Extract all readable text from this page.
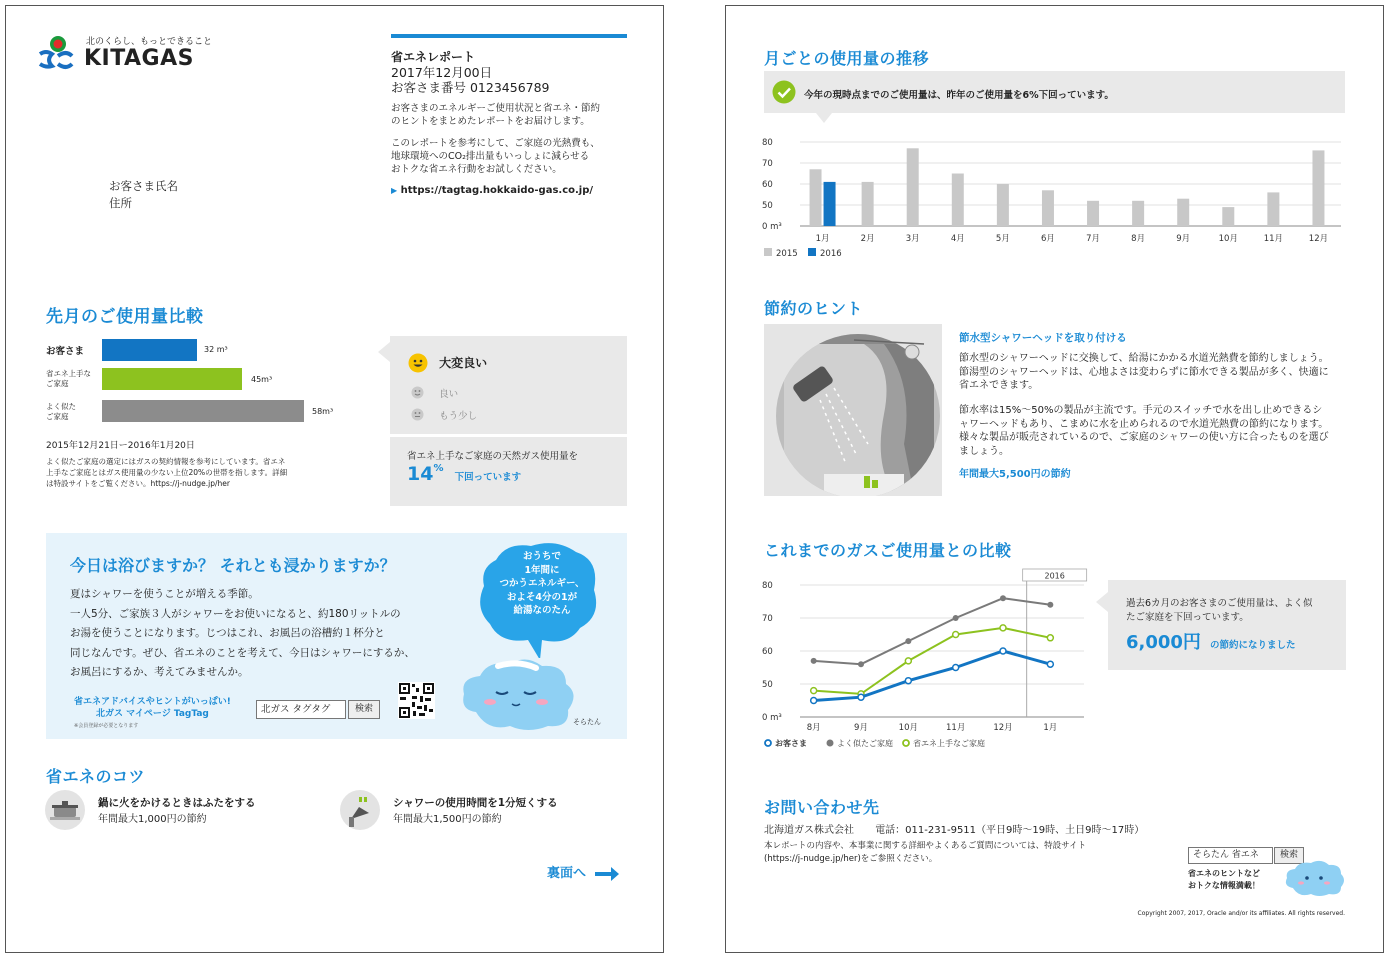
北のくらし、もっとできること
KITAGAS	省エネレポート
2017年12月00日
お客さま番号 0123456789
お客さまのエネルギーご使用状況と省エネ・節約
のヒントをまとめたレポートをお届けします。
このレポートを参考にして、ご家庭の光熱費も、
地球環境へのCO₂排出量もいっしょに減らせる
おトクな省エネ行動をお試しください。
▶ https://tagtag.hokkaido-gas.co.jp/
お客さま氏名
住所
先月のご使用量比較
お客さま	32 m³
省エネ上手な
ご家庭	45m³
よく似た
ご家庭
58m³
2015年12月21日ー2016年1月20日
よく似たご家庭の選定にはガスの契約情報を参考にしています。省エネ
上手なご家庭とはガス使用量の少ない上位20%の世帯を指します。詳細
は特設サイトをご覧ください。https://j-nudge.jp/her
大変良い
良い
もう少し
省エネ上手なご家庭の天然ガス使用量を
14% 下回っています
今日は浴びますか？ それとも浸かりますか？
夏はシャワーを使うことが増える季節。
一人5分、ご家族３人がシャワーをお使いになると、約180リットルの
お湯を使うことになります。じつはこれ、お風呂の浴槽約１杯分と
同じなんです。ぜひ、省エネのことを考えて、今日はシャワーにするか、
お風呂にするか、考えてみませんか。
省エネアドバイスやヒントがいっぱい!
北ガス マイページ TagTag
※会員登録が必要となります
北ガス タグタグ	検索
おうちで
1年間に
つかうエネルギー、
およそ4分の1が
給湯なのたん
そらたん
省エネのコツ
鍋に火をかけるときはふたをする
年間最大1,000円の節約
シャワーの使用時間を1分短くする
年間最大1,500円の節約
裏面へ
月ごとの使用量の推移
今年の現時点までのご使用量は、昨年のご使用量を6%下回っています。
0 m³
50
60
70
80
1月	2月	3月	4月	5月	6月	7月	8月	9月	10月	11月	12月
2015	2016
節約のヒント
節水型シャワーヘッドを取り付ける
節水型のシャワーヘッドに交換して、給湯にかかる水道光熱費を節約しましょう。
節湯型のシャワーヘッドは、心地よさは変わらずに節水できる製品が多く、快適に
省エネできます。
節水率は15%〜50%の製品が主流です。手元のスイッチで水を出し止めできるシ
ャワーヘッドもあり、こまめに水を止められるので水道光熱費の節約になります。
様々な製品が販売されているので、ご家庭のシャワーの使い方に合ったものを選び
ましょう。
年間最大5,500円の節約
これまでのガスご使用量との比較
0 m³
50
60
70
80
2016
8月	9月	10月	11月	12月	1月
お客さま	よく似たご家庭	省エネ上手なご家庭
過去6カ月のお客さまのご使用量は、よく似
たご家庭を下回っています。
6,000円 の節約になりました
お問い合わせ先
北海道ガス株式会社 電話：011-231-9511（平日9時〜19時、土日9時〜17時）
本レポートの内容や、本事業に関する詳細やよくあるご質問については、特設サイト
(https://j-nudge.jp/her)をご参照ください。	そらたん 省エネ	検索
省エネのヒントなど
おトクな情報満載！
Copyright 2007, 2017, Oracle and/or its affiliates. All rights reserved.
